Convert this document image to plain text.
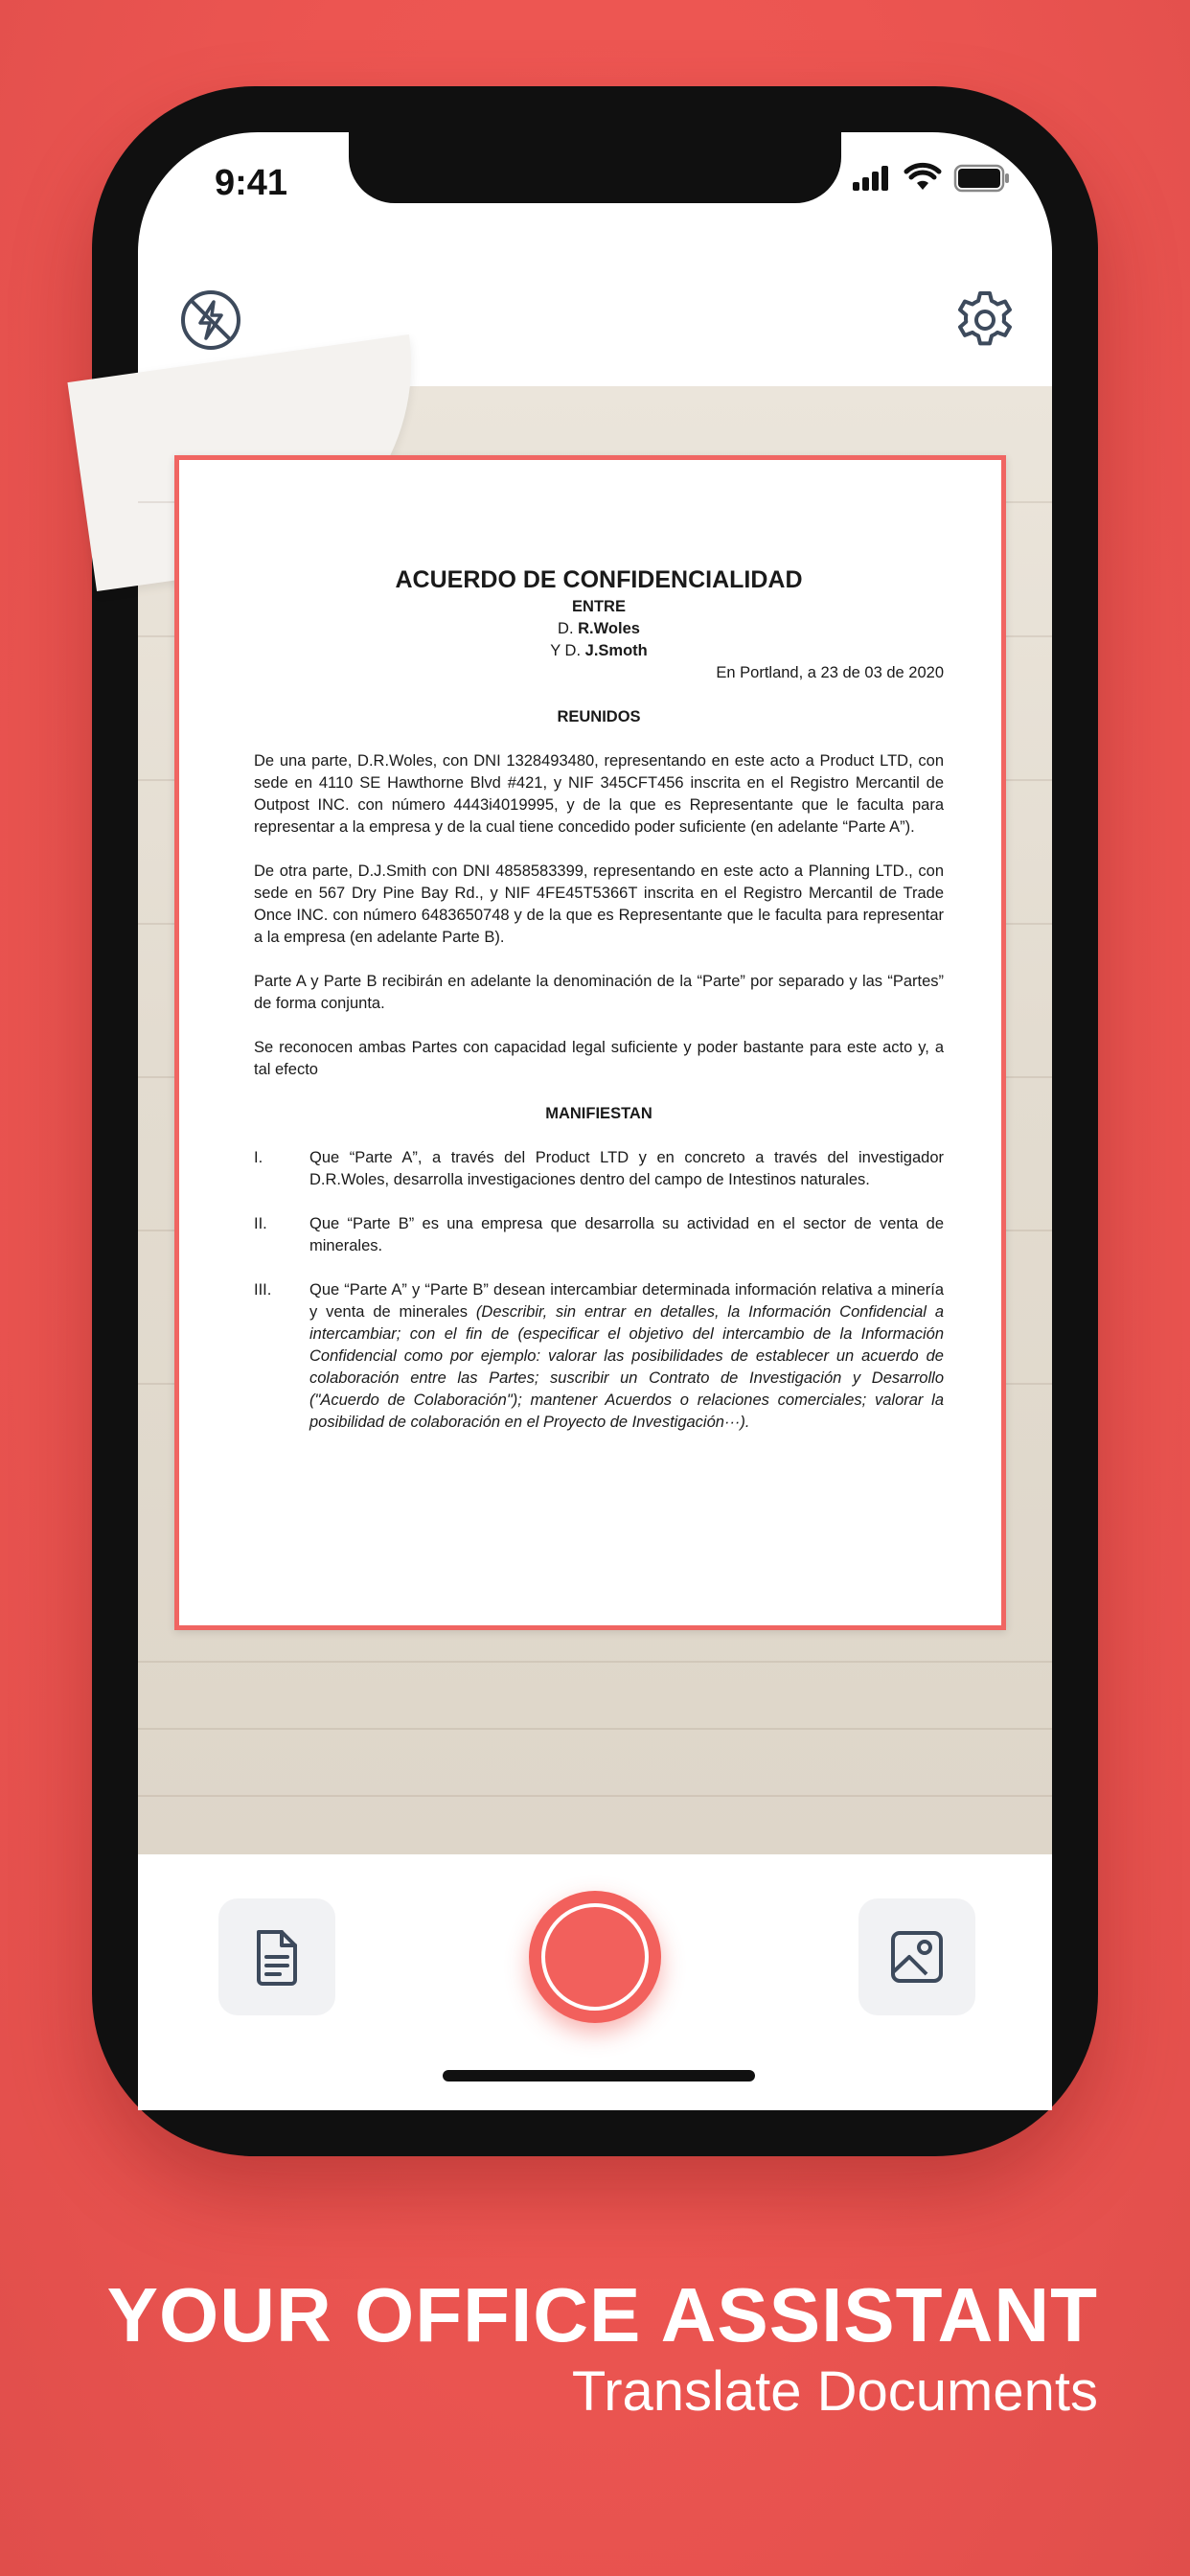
9:41
ACUERDO DE CONFIDENCIALIDAD
ENTRE
D. R.Woles
Y D. J.Smoth
En Portland, a 23 de 03 de 2020
REUNIDOS

De una parte, D.R.Woles, con DNI 1328493480, representando en este acto a Product LTD, con sede en 4110 SE Hawthorne Blvd #421, y NIF 345CFT456 inscrita en el Registro Mercantil de Outpost INC. con número 4443i4019995, y de la que es Representante que le faculta para representar a la empresa y de la cual tiene concedido poder suficiente (en adelante “Parte A”).

De otra parte, D.J.Smith con DNI 4858583399, representando en este acto a Planning LTD., con sede en 567 Dry Pine Bay Rd., y NIF 4FE45T5366T inscrita en el Registro Mercantil de Trade Once INC. con número 6483650748 y de la que es Representante que le faculta para representar a la empresa (en adelante Parte B).

Parte A y Parte B recibirán en adelante la denominación de la “Parte” por separado y las “Partes” de forma conjunta.

Se reconocen ambas Partes con capacidad legal suficiente y poder bastante para este acto y, a tal efecto

MANIFIESTAN
I.	Que “Parte A”, a través del Product LTD y en concreto a través del investigador D.R.Woles, desarrolla investigaciones dentro del campo de Intestinos naturales.
II.	Que “Parte B” es una empresa que desarrolla su actividad en el sector de venta de minerales.
III.	Que “Parte A” y “Parte B” desean intercambiar determinada información relativa a minería y venta de minerales (Describir, sin entrar en detalles, la Información Confidencial a intercambiar; con el fin de (especificar el objetivo del intercambio de la Información Confidencial como por ejemplo: valorar las posibilidades de establecer un acuerdo de colaboración entre las Partes; suscribir un Contrato de Investigación y Desarrollo ("Acuerdo de Colaboración"); mantener Acuerdos o relaciones comerciales; valorar la posibilidad de colaboración en el Proyecto de Investigación···).
YOUR OFFICE ASSISTANT
Translate Documents
